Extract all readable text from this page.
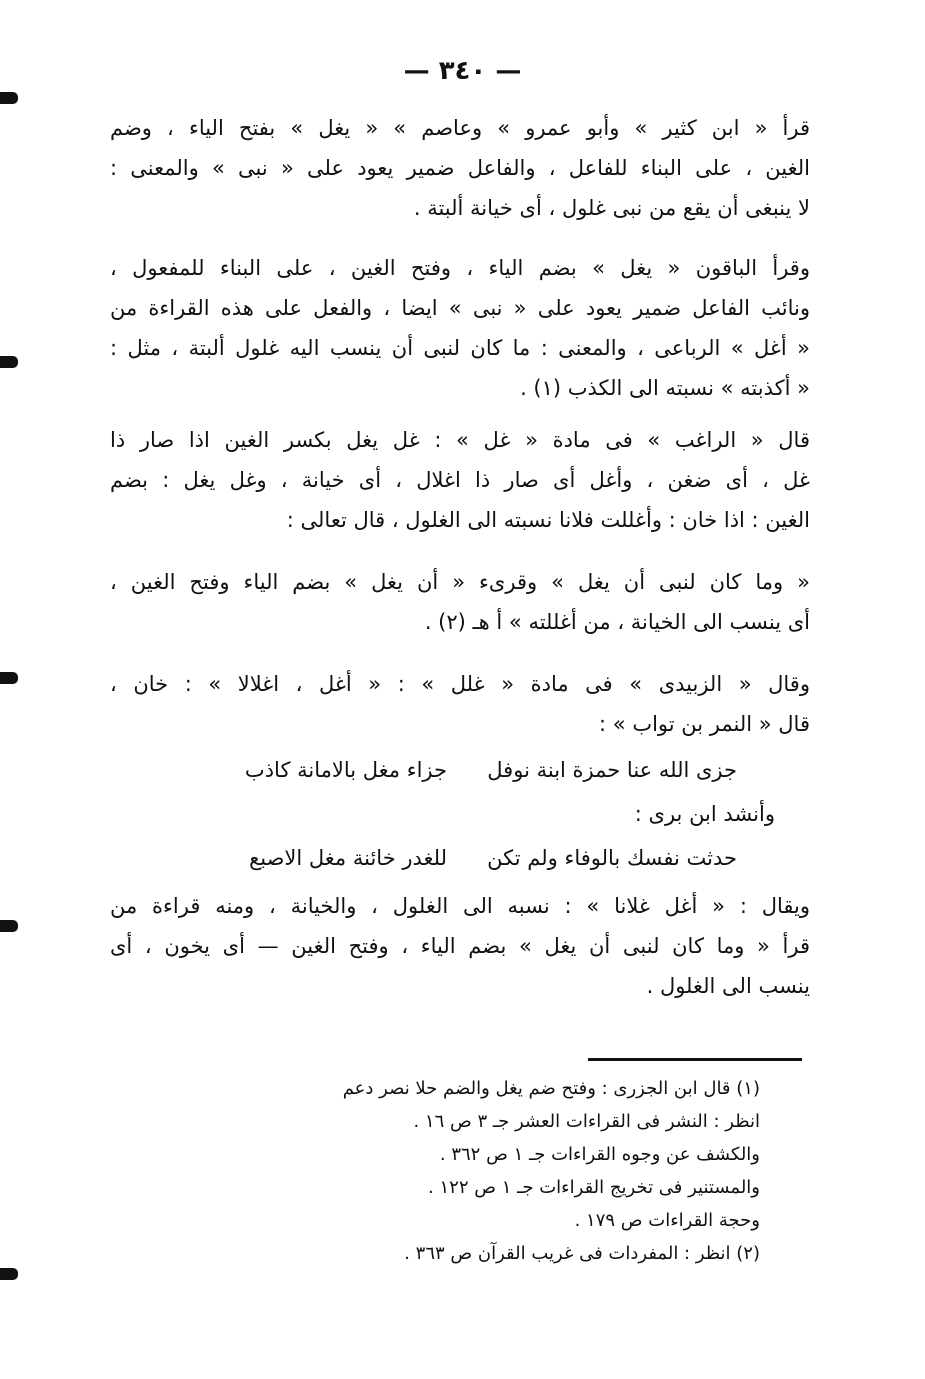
— ٣٤٠ —
قرأ « ابن كثير » وأبو عمرو » وعاصم » « يغل » بفتح الياء ، وضم
الغين ، على البناء للفاعل ، والفاعل ضمير يعود على « نبى » والمعنى :
لا ينبغى أن يقع من نبى غلول ، أى خيانة ألبتة .
وقرأ الباقون « يغل » بضم الياء ، وفتح الغين ، على البناء للمفعول ،
ونائب الفاعل ضمير يعود على « نبى » ايضا ، والفعل على هذه القراءة من
« أغل » الرباعى ، والمعنى : ما كان لنبى أن ينسب اليه غلول ألبتة ، مثل :
« أكذبته » نسبته الى الكذب (١) .
قال « الراغب » فى مادة « غل » : غل يغل بكسر الغين اذا صار ذا
غل ، أى ضغن ، وأغل أى صار ذا اغلال ، أى خيانة ، وغل يغل : بضم
الغين : اذا خان : وأغللت فلانا نسبته الى الغلول ، قال تعالى :
« وما كان لنبى أن يغل » وقرىء « أن يغل » بضم الياء وفتح الغين ،
أى ينسب الى الخيانة ، من أغللته » أ هـ (٢) .
وقال « الزبيدى » فى مادة « غلل » : « أغل ، اغلالا » : خان ،
قال « النمر بن تواب » :
جزى الله عنا حمزة ابنة نوفل
جزاء مغل بالامانة كاذب
وأنشد ابن برى :
حدثت نفسك بالوفاء ولم تكن
للغدر خائنة مغل الاصبع
ويقال : « أغل غلانا » : نسبه الى الغلول ، والخيانة ، ومنه قراءة من
قرأ « وما كان لنبى أن يغل » بضم الياء ، وفتح الغين — أى يخون ، أى
ينسب الى الغلول .
(١) قال ابن الجزرى : وفتح ضم يغل والضم حلا نصر دعم
انظر : النشر فى القراءات العشر جـ ٣ ص ١٦ .
والكشف عن وجوه القراءات جـ ١ ص ٣٦٢ .
والمستنير فى تخريج القراءات جـ ١ ص ١٢٢ .
وحجة القراءات ص ١٧٩ .
(٢) انظر : المفردات فى غريب القرآن ص ٣٦٣ .
